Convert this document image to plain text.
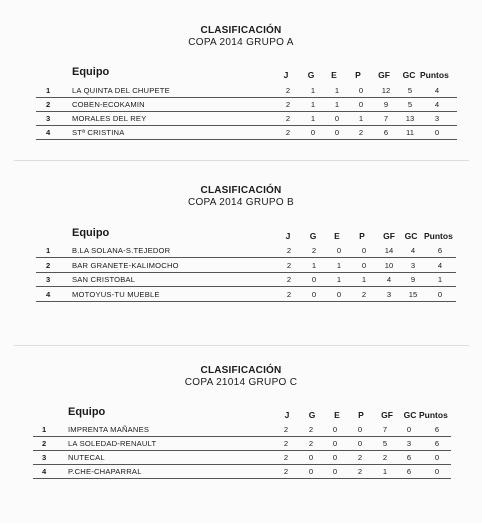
CLASIFICACIÓN
COPA 2014 GRUPO A
Equipo	J	G	E	P	GF GC Puntos
1	LA QUINTA DEL CHUPETE	2	1	1	0	12	5	4
2	COBEN-ECOKAMIN	2	1	1	0	9	5	4
3	MORALES DEL REY	2	1	0	1	7	13	3
4	STª CRISTINA	2	0	0	2	6	11	0
CLASIFICACIÓN
COPA 2014 GRUPO B
Equipo	J	G	E	P	GF GC Puntos
1	B.LA SOLANA-S.TEJEDOR	2	2	0	0	14	4	6
2	BAR GRANETE-KALIMOCHO	2	1	1	0	10	3	4
3	SAN CRISTOBAL	2	0	1	1	4	9	1
4	MOTOYUS-TU MUEBLE	2	0	0	2	3	15	0
CLASIFICACIÓN
COPA 21014 GRUPO C
Equipo	J	G	E	P	GF GC Puntos
1	IMPRENTA MAÑANES	2	2	0	0	7	0	6
2	LA SOLEDAD-RENAULT	2	2	0	0	5	3	6
3	NUTECAL	2	0	0	2	2	6	0
4	P.CHE-CHAPARRAL	2	0	0	2	1	6	0
